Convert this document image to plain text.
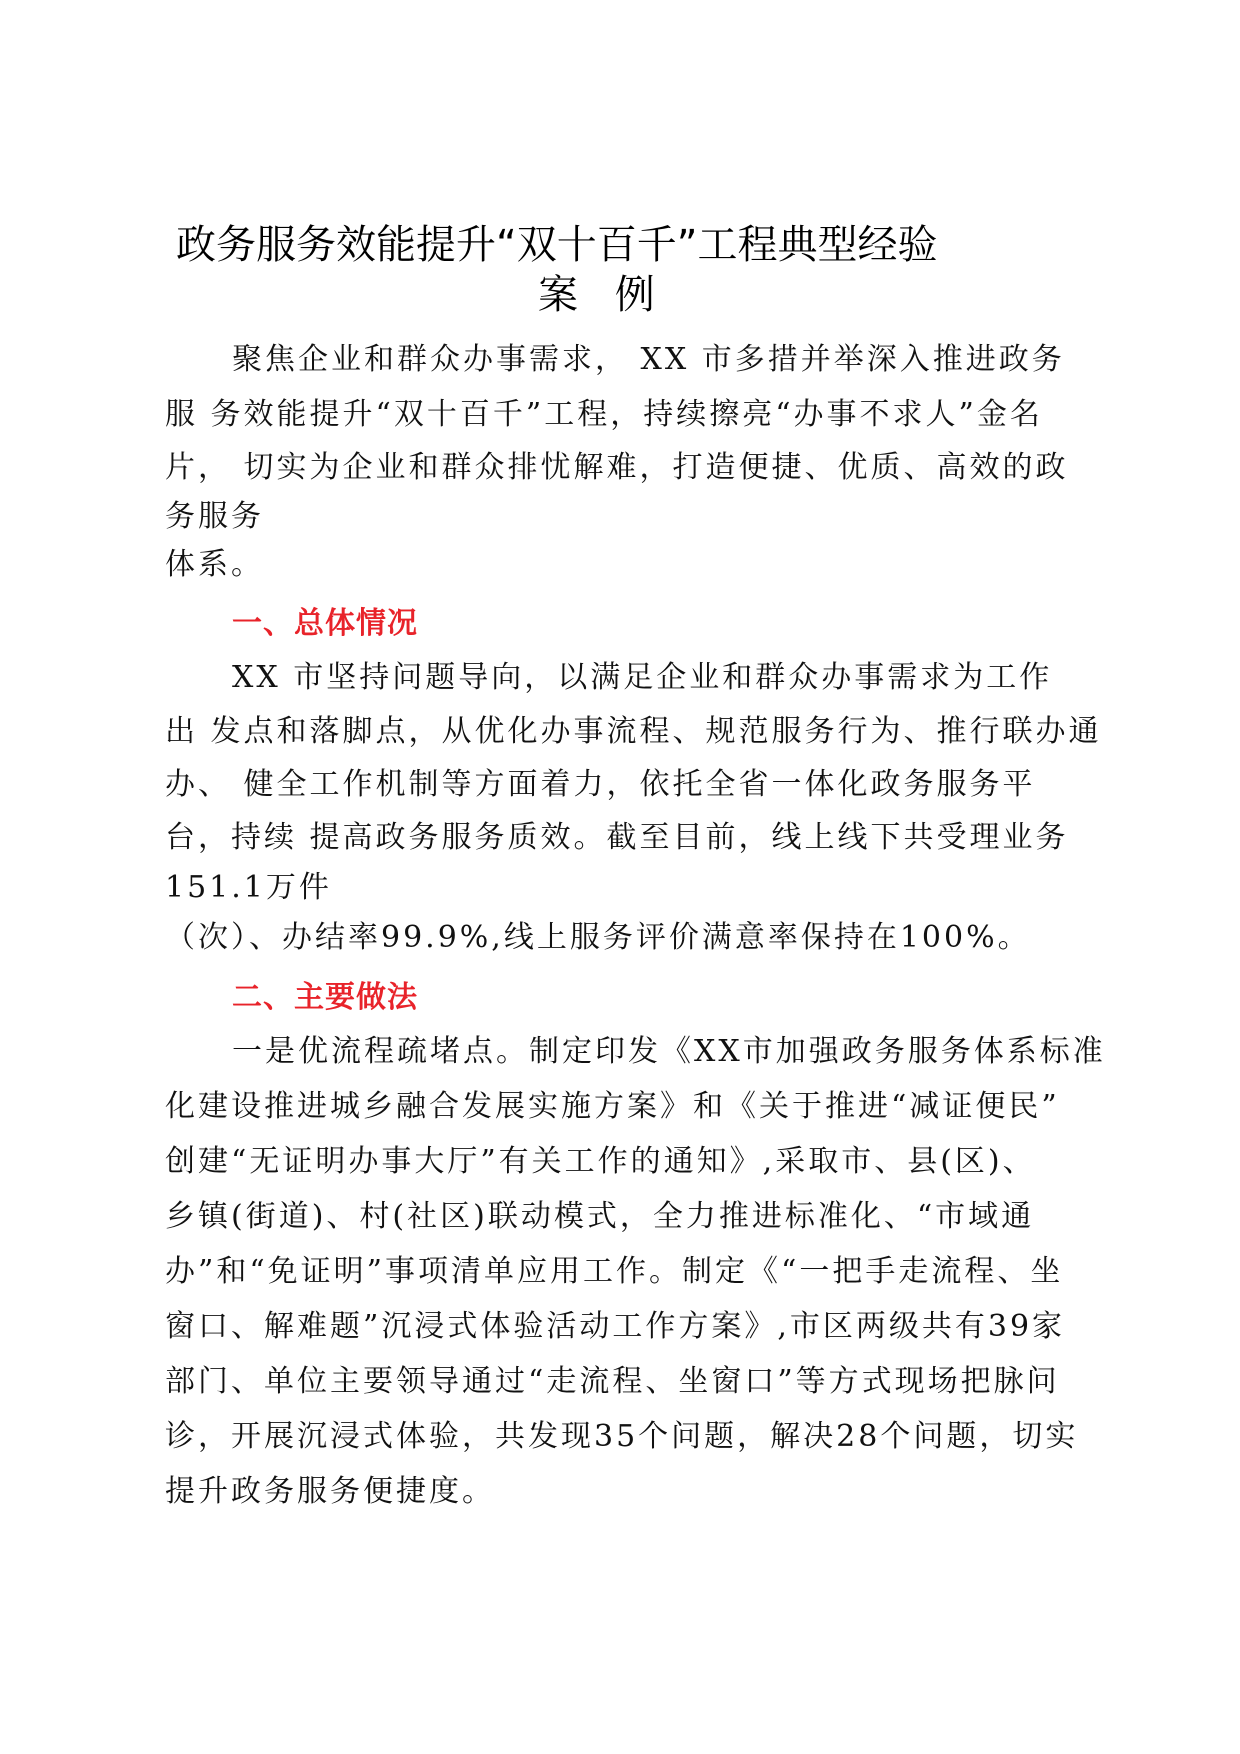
政务服务效能提升“双十百千”工程典型经验
案 例
聚焦企业和群众办事需求， XX 市多措并举深入推进政务
服 务效能提升“双十百千”工程，持续擦亮“办事不求人”金名
片， 切实为企业和群众排忧解难，打造便捷、优质、高效的政
务服务
体系。
一、总体情况
XX 市坚持问题导向，以满足企业和群众办事需求为工作
出 发点和落脚点，从优化办事流程、规范服务行为、推行联办通
办、 健全工作机制等方面着力，依托全省一体化政务服务平
台，持续 提高政务服务质效。截至目前，线上线下共受理业务
151.1万件
（次）、办结率99.9%,线上服务评价满意率保持在100%。
二、主要做法
一是优流程疏堵点。制定印发《XX市加强政务服务体系标准
化建设推进城乡融合发展实施方案》和《关于推进“减证便民”
创建“无证明办事大厅”有关工作的通知》,采取市、县(区)、
乡镇(街道)、村(社区)联动模式，全力推进标准化、“市域通
办”和“免证明”事项清单应用工作。制定《“一把手走流程、坐
窗口、解难题”沉浸式体验活动工作方案》,市区两级共有39家
部门、单位主要领导通过“走流程、坐窗口”等方式现场把脉问
诊，开展沉浸式体验，共发现35个问题，解决28个问题，切实
提升政务服务便捷度。
